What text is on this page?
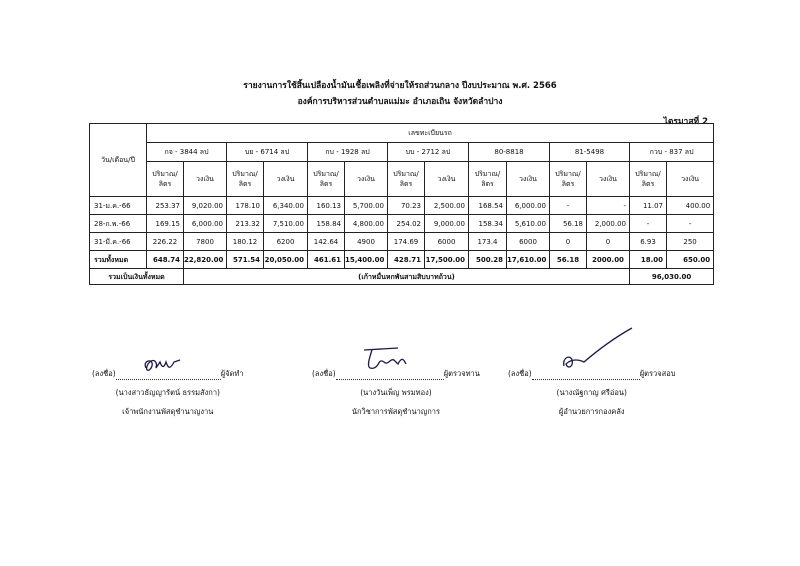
รายงานการใช้สิ้นเปลืองน้ำมันเชื้อเพลิงที่จ่ายให้รถส่วนกลาง ปีงบประมาณ พ.ศ. 2566
องค์การบริหารส่วนตำบลแม่มะ อำเภอเถิน จังหวัดลำปาง
ไตรมาสที่ 2
วัน/เดือน/ปี	เลขทะเบียนรถ													
	กจ - 3844 ลป		บย - 6714 ลป		กบ - 1928 ลป		บบ - 2712 ลป		80-8818		81-5498		กวบ - 837 ลป	
	ปริมาณ/ ลิตร	วงเงิน	ปริมาณ/ ลิตร	วงเงิน	ปริมาณ/ ลิตร	วงเงิน	ปริมาณ/ ลิตร	วงเงิน	ปริมาณ/ ลิตร	วงเงิน	ปริมาณ/ ลิตร	วงเงิน	ปริมาณ/ ลิตร	วงเงิน
31-ม.ค.-66	253.37	9,020.00	178.10	6,340.00	160.13	5,700.00	70.23	2,500.00	168.54	6,000.00	-	-	11.07	400.00
28-ก.พ.-66	169.15	6,000.00	213.32	7,510.00	158.84	4,800.00	254.02	9,000.00	158.34	5,610.00	56.18	2,000.00	-	-
31-มี.ค.-66	226.22	7800	180.12	6200	142.64	4900	174.69	6000	173.4	6000	0	0	6.93	250
รวมทั้งหมด	648.74	22,820.00	571.54	20,050.00	461.61	15,400.00	428.71	17,500.00	500.28	17,610.00	56.18	2000.00	18.00	650.00
รวมเป็นเงินทั้งหมด		(เก้าหมื่นหกพันสามสิบบาทถ้วน)											96,030.00	
(ลงชื่อ)	ผู้จัดทำ
(นางสาวธัญญารัตน์ ธรรมสังกา)
เจ้าพนักงานพัสดุชำนาญงาน
(ลงชื่อ)	ผู้ตรวจทาน
(นางวันเพ็ญ พรมทอง)
นักวิชาการพัสดุชำนาญการ
(ลงชื่อ)	ผู้ตรวจสอบ
(นางณัฐกาญ ศรีอ่อน)
ผู้อำนวยการกองคลัง
